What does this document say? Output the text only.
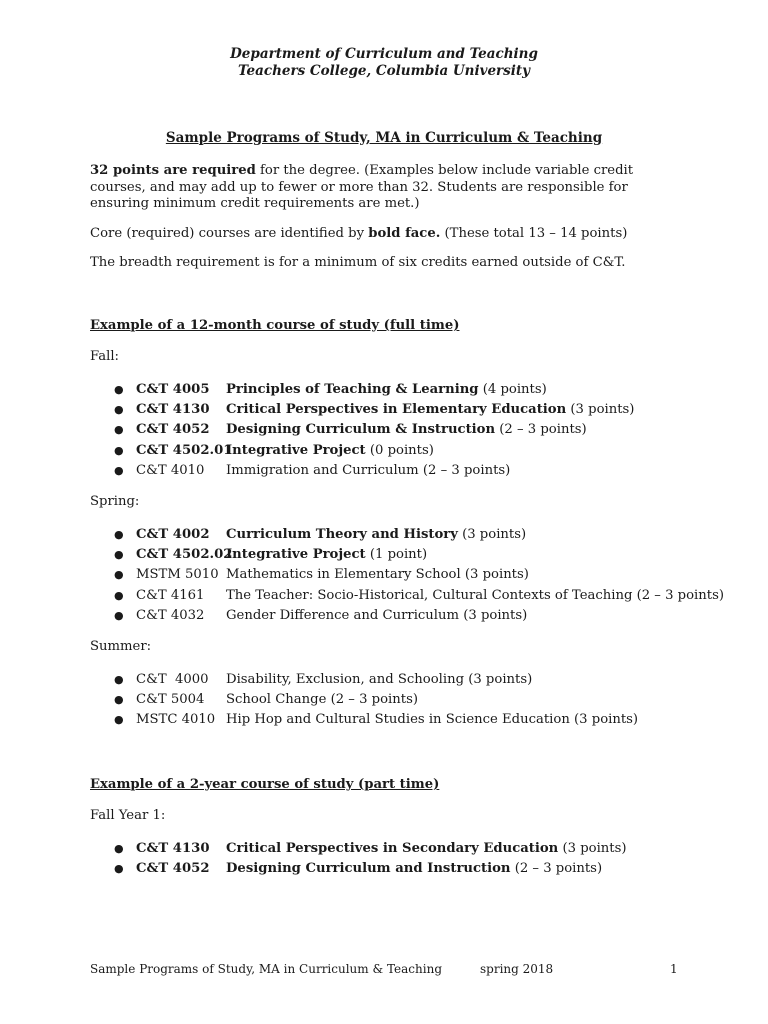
Department of Curriculum and Teaching
Teachers College, Columbia University
Sample Programs of Study, MA in Curriculum & Teaching

32 points are required for the degree. (Examples below include variable credit courses, and may add up to fewer or more than 32. Students are responsible for ensuring minimum credit requirements are met.)

Core (required) courses are identified by bold face. (These total 13 – 14 points)

The breadth requirement is for a minimum of six credits earned outside of C&T.

Example of a 12-month course of study (full time)
Fall:
● C&T 4005 Principles of Teaching & Learning (4 points)
● C&T 4130 Critical Perspectives in Elementary Education (3 points)
● C&T 4052 Designing Curriculum & Instruction (2 – 3 points)
● C&T 4502.01
Integrative Project (0 points)
● C&T 4010 Immigration and Curriculum (2 – 3 points)
Spring:
● C&T 4002 Curriculum Theory and History (3 points)
● C&T 4502.02
Integrative Project (1 point)
● MSTM 5010 Mathematics in Elementary School (3 points)
● C&T 4161 The Teacher: Socio-Historical, Cultural Contexts of Teaching (2 – 3 points)
● C&T 4032 Gender Difference and Curriculum (3 points)
Summer:
● C&T  4000 Disability, Exclusion, and Schooling (3 points)
● C&T 5004 School Change (2 – 3 points)
● MSTC 4010 Hip Hop and Cultural Studies in Science Education (3 points)
Example of a 2-year course of study (part time)
Fall Year 1:
● C&T 4130 Critical Perspectives in Secondary Education (3 points)
● C&T 4052 Designing Curriculum and Instruction (2 – 3 points)
Sample Programs of Study, MA in Curriculum & Teaching	spring 2018	1
